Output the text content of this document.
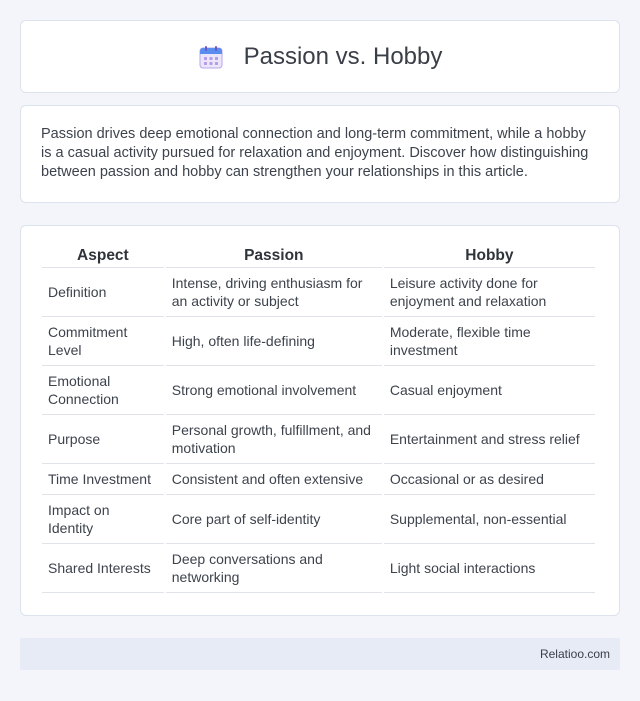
Passion vs. Hobby

Passion drives deep emotional connection and long-term commitment, while a hobby is a casual activity pursued for relaxation and enjoyment. Discover how distinguishing between passion and hobby can strengthen your relationships in this article.

Aspect	Passion	Hobby
Definition	Intense, driving enthusiasm for an activity or subject	Leisure activity done for enjoyment and relaxation
Commitment Level	High, often life-defining	Moderate, flexible time investment
Emotional Connection	Strong emotional involvement	Casual enjoyment
Purpose	Personal growth, fulfillment, and motivation	Entertainment and stress relief
Time Investment	Consistent and often extensive	Occasional or as desired
Impact on Identity	Core part of self-identity	Supplemental, non-essential
Shared Interests	Deep conversations and networking	Light social interactions
Relatioo.com
